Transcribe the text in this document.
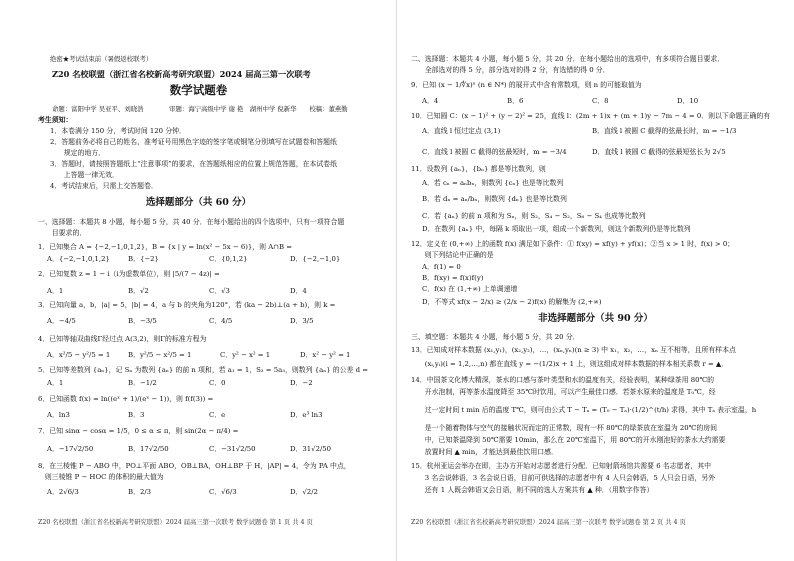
绝密★考试结束前（暑假返校联考）
Z20 名校联盟（浙江省名校新高考研究联盟）2024 届高三第一次联考
数学试题卷
命题：富阳中学 吴亚平、刘晓浩　　　　审题：海宁高级中学 谢 艳　湖州中学 倪新华　　校稿：董燕勤
考生须知：
1．本卷满分 150 分，考试时间 120 分钟．
2．答题前务必将自己的姓名，准考证号用黑色字迹的签字笔或钢笔分别填写在试题卷和答题纸
　　规定的地方．
3．答题时，请按照答题纸上“注意事项”的要求，在答题纸相应的位置上规范答题，在本试卷纸
　　上答题一律无效．
4．考试结束后，只需上交答题卷．
选择题部分（共 60 分）
一、选择题：本题共 8 小题，每小题 5 分，共 40 分．在每小题给出的四个选项中，只有一项符合题
　　目要求的．
1．已知集合 A = {−2,−1,0,1,2}，B = {x | y = ln(x² − 5x − 6)}，则 A∩B =
A．{−2,−1,0,1,2}	B．{−2}	C．{0,1,2}	D．{−2,−1,0}
2．已知复数 z = 1 − i（i为虚数单位），则 |5/(7 − 4z)| =
A．1	B．√2	C．√3	D．4
3．已知向量 a，b，|a| = 5，|b| = 4，a 与 b 的夹角为120°，若 (ka − 2b)⊥(a + b)，则 k =
A．−4/5	B．−3/5	C．4/5	D．3/5
4．已知等轴双曲线Γ经过点 A(3,2)，则Γ的标准方程为
A．x²/5 − y²/5 = 1	B．y²/5 − x²/5 = 1	C．y² − x² = 1	D．x² − y² = 1
5．已知等差数列 {aₙ}，记 Sₙ 为数列 {aₙ} 的前 n 项和，若 a₁ = 1，S₃ = 5a₃，则数列 {aₙ} 的公差 d =
A．1	B．−1/2	C．0	D．−2
6．已知函数 f(x) = ln((eˣ + 1)/(eˣ − 1))，则 f(f(3)) =
A．ln3	B．3	C．e	D．e³ ln3
7．已知 sinα − cosα = 1/5，0 ≤ α ≤ π，则 sin(2α − π/4) =
A．−17√2/50	B．17√2/50	C．−31√2/50	D．31√2/50
8．在三棱锥 P − ABO 中，PO⊥平面 ABO，OB⊥BA，OH⊥BP 于 H，|AP| = 4，令为 PA 中点，
　则三棱锥 P − HOC 的体积的最大值为
A．2√6/3	B．2/3	C．√6/3	D．√2/2
Z20 名校联盟（浙江省名校新高考研究联盟）2024 届高三第一次联考 数学试题卷 第 1 页 共 4 页
二、选择题：本题共 4 小题，每小题 5 分，共 20 分．在每小题给出的选项中，有多项符合题目要求．
　　全部选对的得 5 分，部分选对的得 2 分，有选错的得 0 分．
9．已知 (x − 1/∜x)ⁿ (n ∈ N*) 的展开式中含有常数项，则 n 的可能取值为
A．4	B．6	C．8	D．10
10．已知圆 C：(x − 1)² + (y − 2)² = 25，直线 l：(2m + 1)x + (m + 1)y − 7m − 4 = 0．则以下命题正确的有
A．直线 l 恒过定点 (3,1)	B．直线 l 被圆 C 截得的弦最长时，m = −1/3
C．直线 l 被圆 C 截得的弦最短时，m = −3/4	D．直线 l 被圆 C 截得的弦最短弦长为 2√5
11．设数列 {aₙ}，{bₙ} 都是等比数列，则
A．若 cₙ = aₙbₙ，则数列 {cₙ} 也是等比数列
B．若 dₙ = aₙ/bₙ，则数列 {dₙ} 也是等比数列
C．若 {aₙ} 的前 n 项和为 Sₙ，则 S₂，S₄ − S₂，S₆ − S₄ 也成等比数列
D．在数列 {aₙ} 中，每隔 k 项取出一项，组成一个新数列，则这个新数列仍是等比数列
12．定义在 (0,+∞) 上的函数 f(x) 满足如下条件：① f(xy) = xf(y) + yf(x)；②当 x > 1 时，f(x) > 0；
　　则下列结论中正确的是
A．f(1) = 0
B．f(xy) = f(x)f(y)
C．f(x) 在 (1,+∞) 上单调递增
D．不等式 xf(x − 2/x) ≥ (2/x − 2)f(x) 的解集为 (2,+∞)
非选择题部分（共 90 分）
三、填空题：本题共 4 小题，每小题 5 分，共 20 分．
13．已知成对样本数据 (x₁,y₁)，(x₂,y₂)，…，(xₙ,yₙ)(n ≥ 3) 中 x₁，x₂，…，xₙ 互不相等，且所有样本点
　　(xᵢ,yᵢ)(i = 1,2,…,n) 都在直线 y = −(1/2)x + 1 上，则这组成对样本数据的样本相关系数 r = ▲．
14．中国茶文化博大精深，茶水的口感与茶叶类型和水的温度有关，经验表明，某种绿茶用 80℃的
　　开水泡制，再等茶水温度降至 35℃时饮用，可以产生最佳口感．若茶水原来的温度是 T₀℃，经
　　过一定时间 t min 后的温度 T℃，则可由公式 T − Tₐ = (T₀ − Tₐ)·(1/2)^(t/h) 求得，其中 Tₐ 表示室温，h
　　是一个随着物体与空气的接触状况而定的正常数，现有一杯 80℃的绿茶放在室温为 20℃的房间
　　中，已知茶温降到 50℃需要 10min，那么在 20℃室温下，用 80℃的开水刚泡好的茶水大约需要
　　放置时间 ▲ min，才能达到最佳饮用口感．
15．杭州亚运会举办在即，主办方开始对志愿者进行分配．已知射箭场馆共需要 6 名志愿者，其中
　　3 名会说韩语，3 名会说日语，目前可供选择的志愿者中有 4 人只会韩语，5 人只会日语，另外
　　还有 1 人既会韩语又会日语，则不同的选人方案共有 ▲ 种．（用数字作答）
Z20 名校联盟（浙江省名校新高考研究联盟）2024 届高三第一次联考 数学试题卷 第 2 页 共 4 页
